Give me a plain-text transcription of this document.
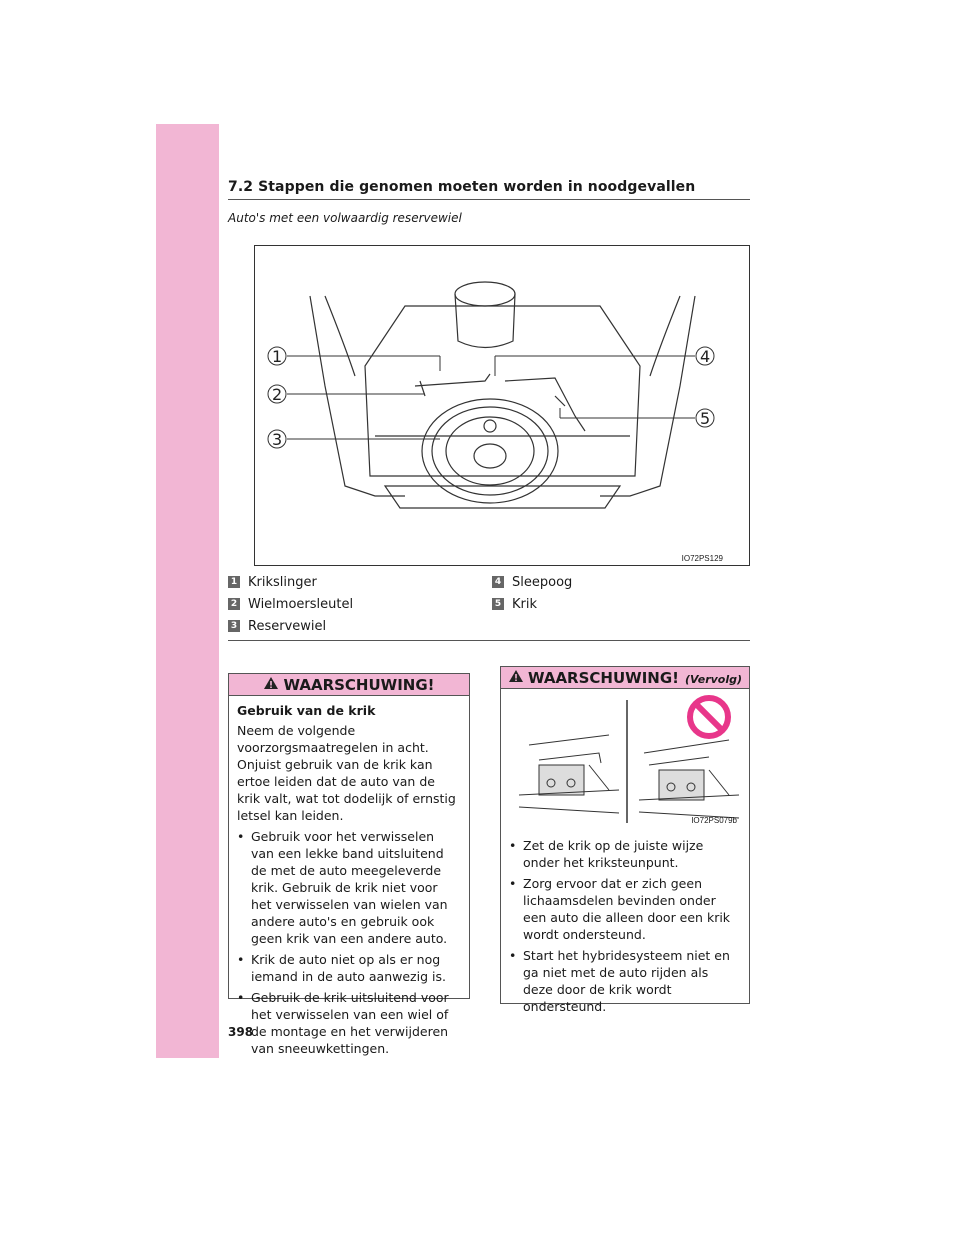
7.2 Stappen die genomen moeten worden in noodgevallen
Auto's met een volwaardig reservewiel
1
2
3
4
5
IO72PS129
1 Krikslinger
2 Wielmoersleutel
3 Reservewiel
4 Sleepoog
5 Krik
WAARSCHUWING!
Gebruik van de krik
Neem de volgende voorzorgsmaatregelen in acht. Onjuist gebruik van de krik kan ertoe leiden dat de auto van de krik valt, wat tot dodelijk of ernstig letsel kan leiden.
• Gebruik voor het verwisselen van een lekke band uitsluitend de met de auto meegeleverde krik. Gebruik de krik niet voor het verwisselen van wielen van andere auto's en gebruik ook geen krik van een andere auto.
• Krik de auto niet op als er nog iemand in de auto aanwezig is.
• Gebruik de krik uitsluitend voor het verwisselen van een wiel of de montage en het verwijderen van sneeuwkettingen.
WAARSCHUWING! (Vervolg)
IO72PS079b
• Zet de krik op de juiste wijze onder het kriksteunpunt.
• Zorg ervoor dat er zich geen lichaamsdelen bevinden onder een auto die alleen door een krik wordt ondersteund.
• Start het hybridesysteem niet en ga niet met de auto rijden als deze door de krik wordt ondersteund.
398
